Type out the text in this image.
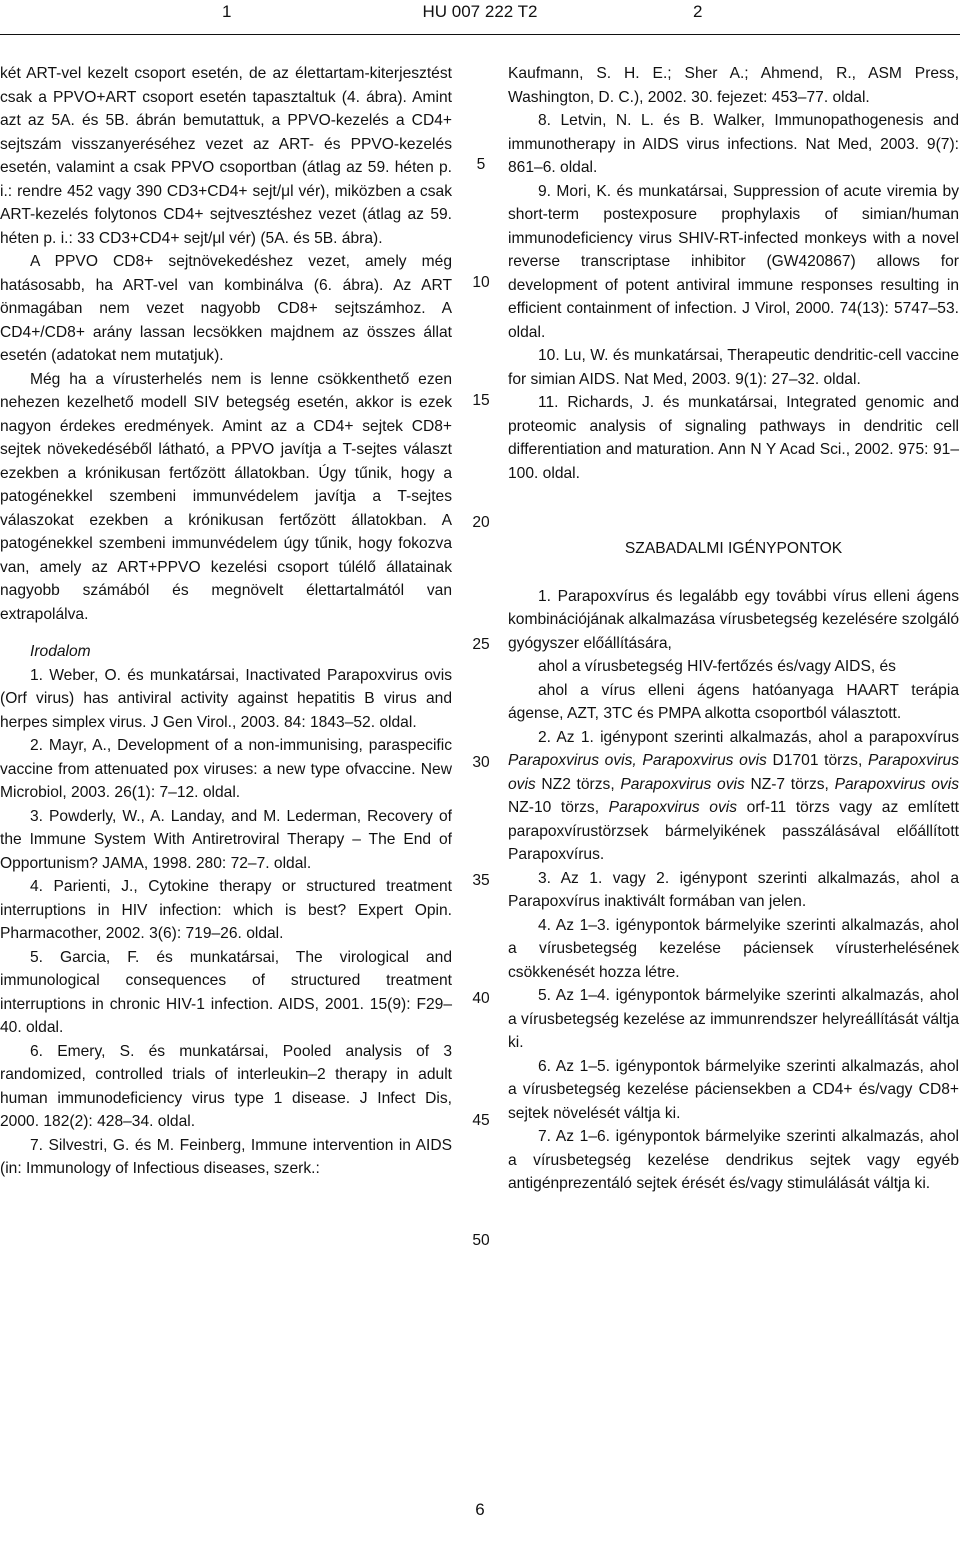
1	HU 007 222 T2	2

két ART-vel kezelt csoport esetén, de az élettartam-kiterjesztést csak a PPVO+ART csoport esetén tapasztaltuk (4. ábra). Amint azt az 5A. és 5B. ábrán bemutattuk, a PPVO-kezelés a CD4+ sejtszám visszanyeréséhez vezet az ART- és PPVO-kezelés esetén, valamint a csak PPVO csoportban (átlag az 59. héten p. i.: rendre 452 vagy 390 CD3+CD4+ sejt/μl vér), miközben a csak ART-kezelés folytonos CD4+ sejtvesztéshez vezet (átlag az 59. héten p. i.: 33 CD3+CD4+ sejt/μl vér) (5A. és 5B. ábra).

A PPVO CD8+ sejtnövekedéshez vezet, amely még hatásosabb, ha ART-vel van kombinálva (6. ábra). Az ART önmagában nem vezet nagyobb CD8+ sejtszámhoz. A CD4+/CD8+ arány lassan lecsökken majdnem az összes állat esetén (adatokat nem mutatjuk).

Még ha a vírusterhelés nem is lenne csökkenthető ezen nehezen kezelhető modell SIV betegség esetén, akkor is ezek nagyon érdekes eredmények. Amint az a CD4+ sejtek CD8+ sejtek növekedéséből látható, a PPVO javítja a T-sejtes választ ezekben a krónikusan fertőzött állatokban. Úgy tűnik, hogy a patogénekkel szembeni immunvédelem javítja a T-sejtes válaszokat ezekben a krónikusan fertőzött állatokban. A patogénekkel szembeni immunvédelem úgy tűnik, hogy fokozva van, amely az ART+PPVO kezelési csoport túlélő állatainak nagyobb számából és megnövelt élettartalmától van extrapolálva.

Irodalom

1. Weber, O. és munkatársai, Inactivated Parapoxvirus ovis (Orf virus) has antiviral activity against hepatitis B virus and herpes simplex virus. J Gen Virol., 2003. 84: 1843–52. oldal.

2. Mayr, A., Development of a non-immunising, paraspecific vaccine from attenuated pox viruses: a new type ofvaccine. New Microbiol, 2003. 26(1): 7–12. oldal.

3. Powderly, W., A. Landay, and M. Lederman, Recovery of the Immune System With Antiretroviral Therapy – The End of Opportunism? JAMA, 1998. 280: 72–7. oldal.

4. Parienti, J., Cytokine therapy or structured treatment interruptions in HIV infection: which is best? Expert Opin. Pharmacother, 2002. 3(6): 719–26. oldal.

5. Garcia, F. és munkatársai, The virological and immunological consequences of structured treatment interruptions in chronic HIV-1 infection. AIDS, 2001. 15(9): F29–40. oldal.

6. Emery, S. és munkatársai, Pooled analysis of 3 randomized, controlled trials of interleukin–2 therapy in adult human immunodeficiency virus type 1 disease. J Infect Dis, 2000. 182(2): 428–34. oldal.

7. Silvestri, G. és M. Feinberg, Immune intervention in AIDS (in: Immunology of Infectious diseases, szerk.:

5
10
15
20
25
30
35
40
45
50

Kaufmann, S. H. E.; Sher A.; Ahmend, R., ASM Press, Washington, D. C.), 2002. 30. fejezet: 453–77. oldal.

8. Letvin, N. L. és B. Walker, Immunopathogenesis and immunotherapy in AIDS virus infections. Nat Med, 2003. 9(7): 861–6. oldal.

9. Mori, K. és munkatársai, Suppression of acute viremia by short-term postexposure prophylaxis of simian/human immunodeficiency virus SHIV-RT-infected monkeys with a novel reverse transcriptase inhibitor (GW420867) allows for development of potent antiviral immune responses resulting in efficient containment of infection. J Virol, 2000. 74(13): 5747–53. oldal.

10. Lu, W. és munkatársai, Therapeutic dendritic-cell vaccine for simian AIDS. Nat Med, 2003. 9(1): 27–32. oldal.

11. Richards, J. és munkatársai, Integrated genomic and proteomic analysis of signaling pathways in dendritic cell differentiation and maturation. Ann N Y Acad Sci., 2002. 975: 91–100. oldal.

SZABADALMI IGÉNYPONTOK

1. Parapoxvírus és legalább egy további vírus elleni ágens kombinációjának alkalmazása vírusbetegség kezelésére szolgáló gyógyszer előállítására,

ahol a vírusbetegség HIV-fertőzés és/vagy AIDS, és

ahol a vírus elleni ágens hatóanyaga HAART terápia ágense, AZT, 3TC és PMPA alkotta csoportból választott.

2. Az 1. igénypont szerinti alkalmazás, ahol a parapoxvírus Parapoxvirus ovis, Parapoxvirus ovis D1701 törzs, Parapoxvirus ovis NZ2 törzs, Parapoxvirus ovis NZ-7 törzs, Parapoxvirus ovis NZ-10 törzs, Parapoxvirus ovis orf-11 törzs vagy az említett parapoxvírustörzsek bármelyikének passzálásával előállított Parapoxvírus.

3. Az 1. vagy 2. igénypont szerinti alkalmazás, ahol a Parapoxvírus inaktivált formában van jelen.

4. Az 1–3. igénypontok bármelyike szerinti alkalmazás, ahol a vírusbetegség kezelése páciensek vírusterhelésének csökkenését hozza létre.

5. Az 1–4. igénypontok bármelyike szerinti alkalmazás, ahol a vírusbetegség kezelése az immunrendszer helyreállítását váltja ki.

6. Az 1–5. igénypontok bármelyike szerinti alkalmazás, ahol a vírusbetegség kezelése páciensekben a CD4+ és/vagy CD8+ sejtek növelését váltja ki.

7. Az 1–6. igénypontok bármelyike szerinti alkalmazás, ahol a vírusbetegség kezelése dendrikus sejtek vagy egyéb antigénprezentáló sejtek érését és/vagy stimulálását váltja ki.

6
